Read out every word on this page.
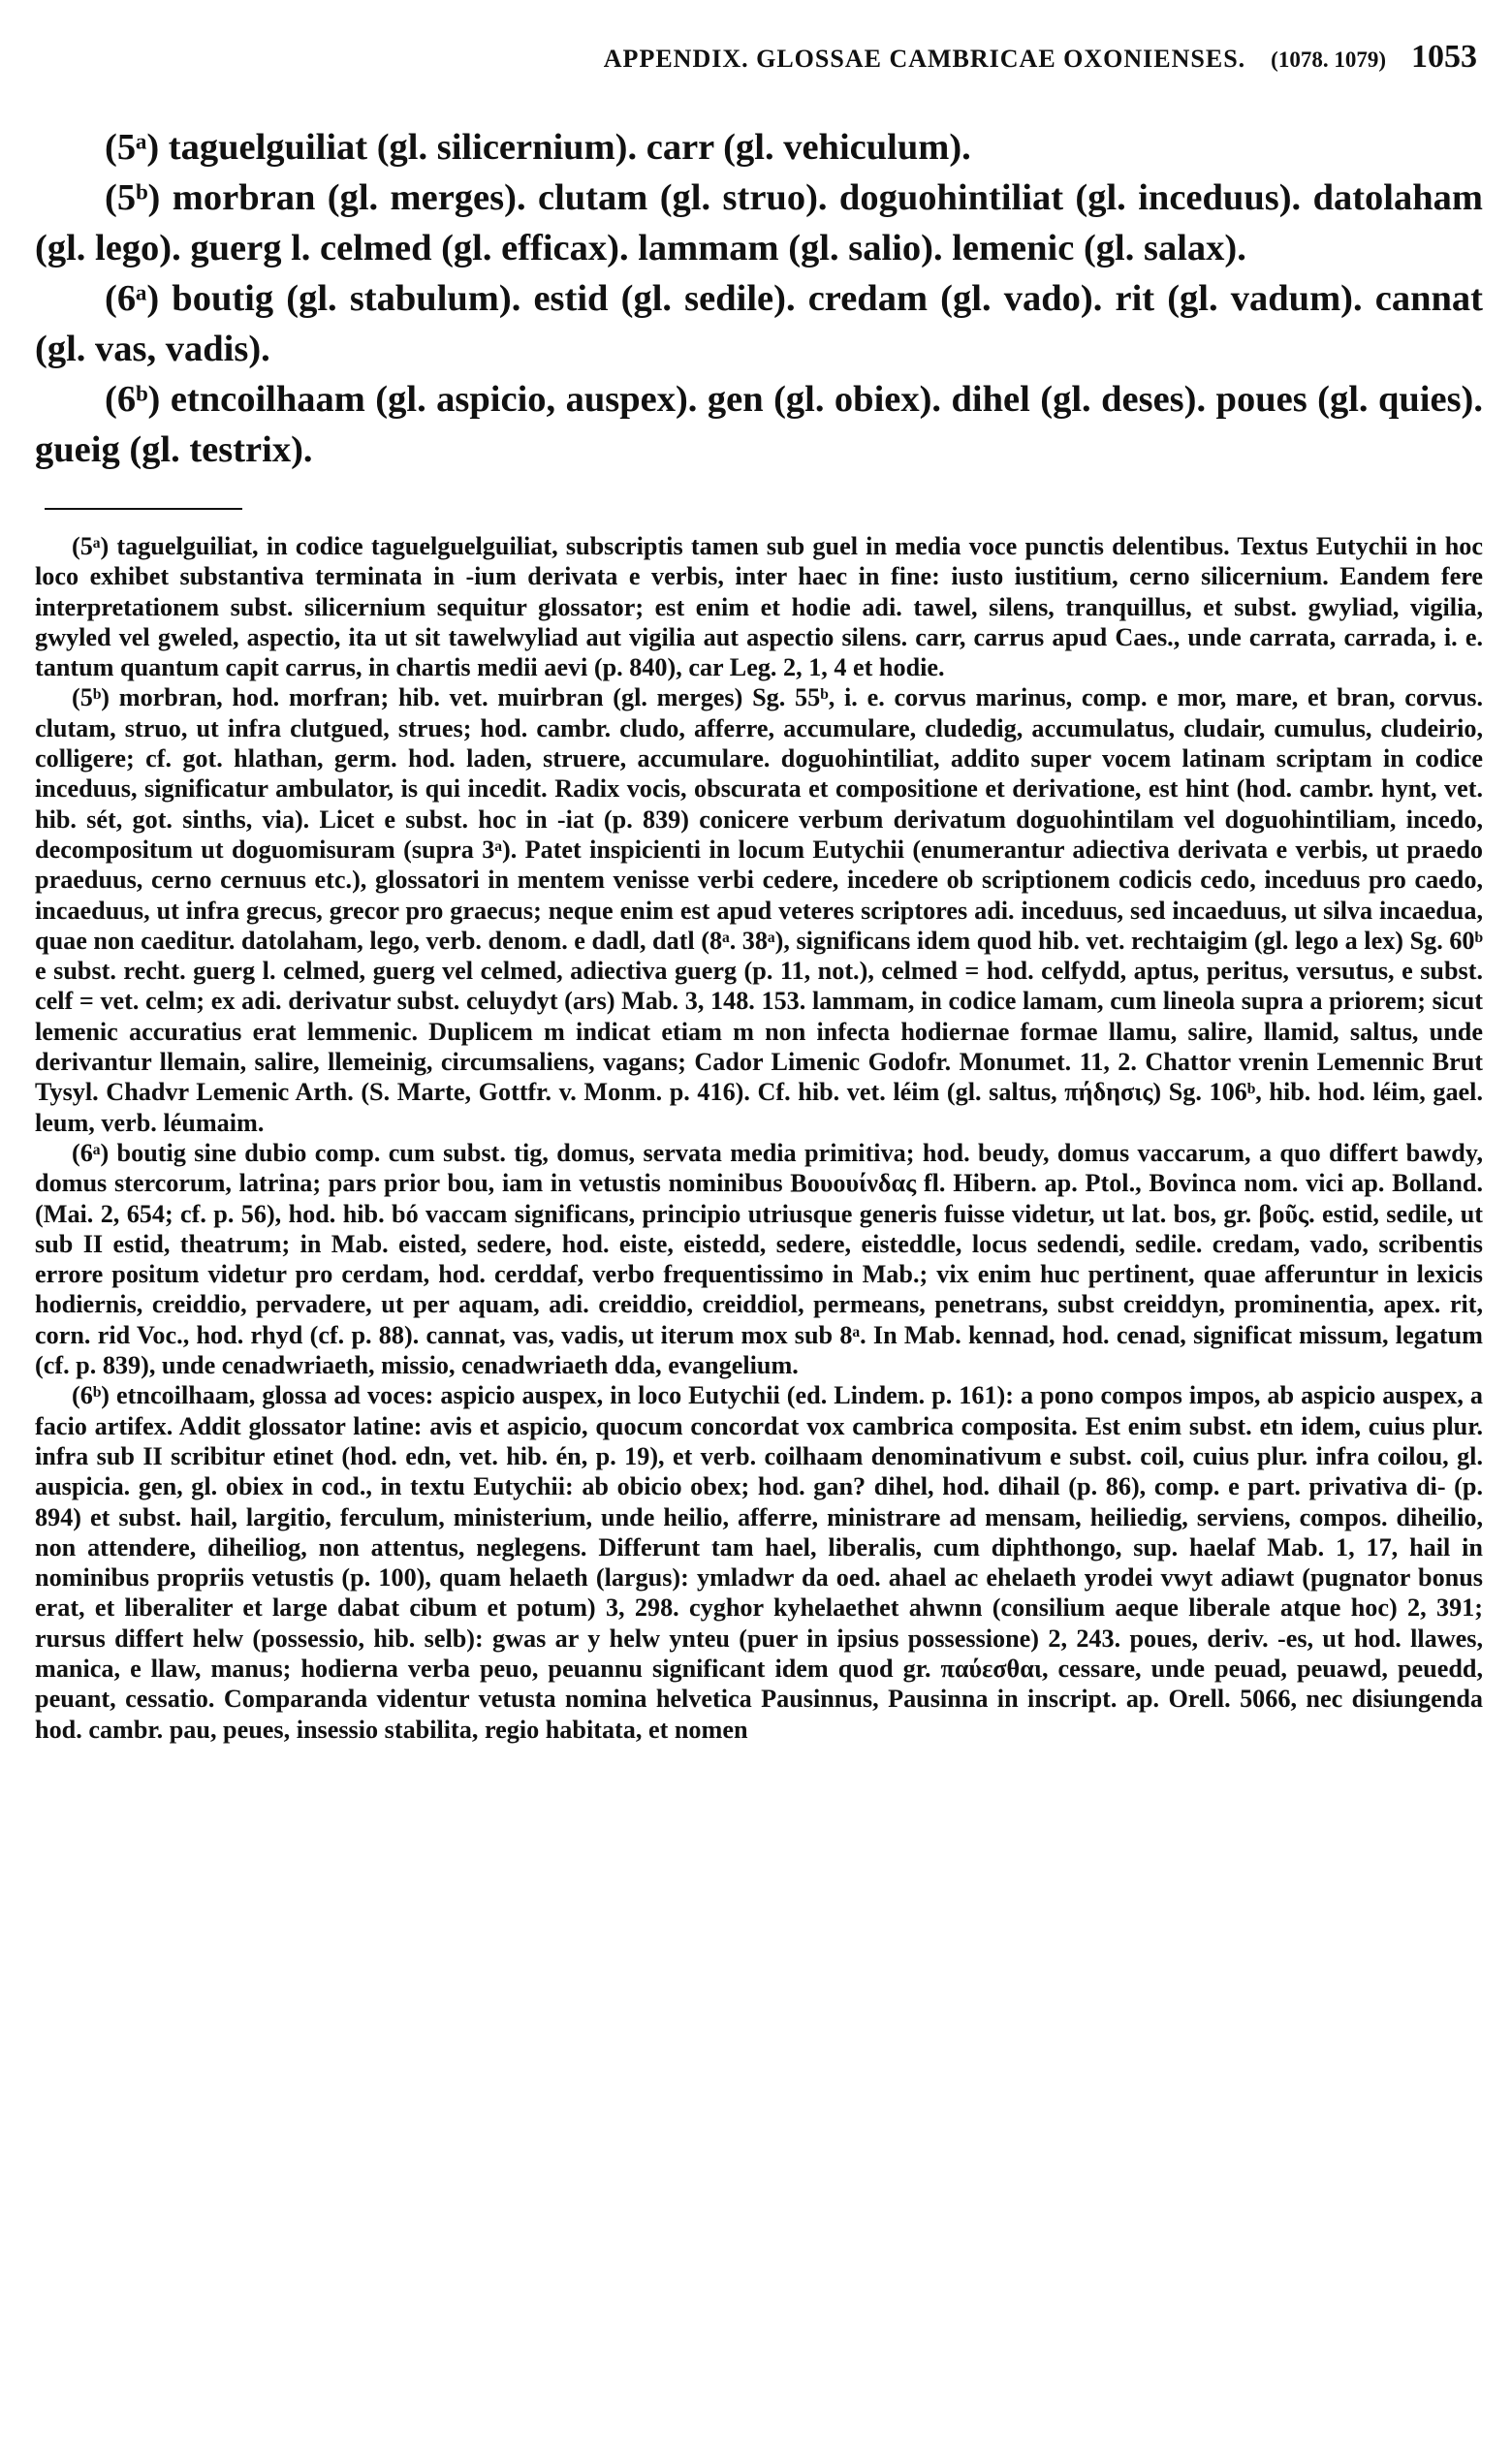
APPENDIX. GLOSSAE CAMBRICAE OXONIENSES. (1078. 1079) 1053

(5ᵃ) taguelguiliat (gl. silicernium). carr (gl. vehiculum).

(5ᵇ) morbran (gl. merges). clutam (gl. struo). doguohintiliat (gl. inceduus). datolaham (gl. lego). guerg l. celmed (gl. efficax). lammam (gl. salio). lemenic (gl. salax).

(6ᵃ) boutig (gl. stabulum). estid (gl. sedile). credam (gl. vado). rit (gl. vadum). cannat (gl. vas, vadis).

(6ᵇ) etncoilhaam (gl. aspicio, auspex). gen (gl. obiex). dihel (gl. deses). poues (gl. quies). gueig (gl. testrix).

(5ᵃ) taguelguiliat, in codice taguelguelguiliat, subscriptis tamen sub guel in media voce punctis delentibus. Textus Eutychii in hoc loco exhibet substantiva terminata in -ium derivata e verbis, inter haec in fine: iusto iustitium, cerno silicernium. Eandem fere interpretationem subst. silicernium sequitur glossator; est enim et hodie adi. tawel, silens, tranquillus, et subst. gwyliad, vigilia, gwyled vel gweled, aspectio, ita ut sit tawelwyliad aut vigilia aut aspectio silens. carr, carrus apud Caes., unde carrata, carrada, i. e. tantum quantum capit carrus, in chartis medii aevi (p. 840), car Leg. 2, 1, 4 et hodie.

(5ᵇ) morbran, hod. morfran; hib. vet. muirbran (gl. merges) Sg. 55ᵇ, i. e. corvus marinus, comp. e mor, mare, et bran, corvus. clutam, struo, ut infra clutgued, strues; hod. cambr. cludo, afferre, accumulare, cludedig, accumulatus, cludair, cumulus, cludeirio, colligere; cf. got. hlathan, germ. hod. laden, struere, accumulare. doguohintiliat, addito super vocem latinam scriptam in codice inceduus, significatur ambulator, is qui incedit. Radix vocis, obscurata et compositione et derivatione, est hint (hod. cambr. hynt, vet. hib. sét, got. sinths, via). Licet e subst. hoc in -iat (p. 839) conicere verbum derivatum doguohintilam vel doguohintiliam, incedo, decompositum ut doguomisuram (supra 3ᵃ). Patet inspicienti in locum Eutychii (enumerantur adiectiva derivata e verbis, ut praedo praeduus, cerno cernuus etc.), glossatori in mentem venisse verbi cedere, incedere ob scriptionem codicis cedo, inceduus pro caedo, incaeduus, ut infra grecus, grecor pro graecus; neque enim est apud veteres scriptores adi. inceduus, sed incaeduus, ut silva incaedua, quae non caeditur. datolaham, lego, verb. denom. e dadl, datl (8ᵃ. 38ᵃ), significans idem quod hib. vet. rechtaigim (gl. lego a lex) Sg. 60ᵇ e subst. recht. guerg l. celmed, guerg vel celmed, adiectiva guerg (p. 11, not.), celmed = hod. celfydd, aptus, peritus, versutus, e subst. celf = vet. celm; ex adi. derivatur subst. celuydyt (ars) Mab. 3, 148. 153. lammam, in codice lamam, cum lineola supra a priorem; sicut lemenic accuratius erat lemmenic. Duplicem m indicat etiam m non infecta hodiernae formae llamu, salire, llamid, saltus, unde derivantur llemain, salire, llemeinig, circumsaliens, vagans; Cador Limenic Godofr. Monumet. 11, 2. Chattor vrenin Lemennic Brut Tysyl. Chadvr Lemenic Arth. (S. Marte, Gottfr. v. Monm. p. 416). Cf. hib. vet. léim (gl. saltus, πήδησις) Sg. 106ᵇ, hib. hod. léim, gael. leum, verb. léumaim.

(6ᵃ) boutig sine dubio comp. cum subst. tig, domus, servata media primitiva; hod. beudy, domus vaccarum, a quo differt bawdy, domus stercorum, latrina; pars prior bou, iam in vetustis nominibus Βουουίνδας fl. Hibern. ap. Ptol., Bovinca nom. vici ap. Bolland. (Mai. 2, 654; cf. p. 56), hod. hib. bó vaccam significans, principio utriusque generis fuisse videtur, ut lat. bos, gr. βοῦς. estid, sedile, ut sub II estid, theatrum; in Mab. eisted, sedere, hod. eiste, eistedd, sedere, eisteddle, locus sedendi, sedile. credam, vado, scribentis errore positum videtur pro cerdam, hod. cerddaf, verbo frequentissimo in Mab.; vix enim huc pertinent, quae afferuntur in lexicis hodiernis, creiddio, pervadere, ut per aquam, adi. creiddio, creiddiol, permeans, penetrans, subst creiddyn, prominentia, apex. rit, corn. rid Voc., hod. rhyd (cf. p. 88). cannat, vas, vadis, ut iterum mox sub 8ᵃ. In Mab. kennad, hod. cenad, significat missum, legatum (cf. p. 839), unde cenadwriaeth, missio, cenadwriaeth dda, evangelium.

(6ᵇ) etncoilhaam, glossa ad voces: aspicio auspex, in loco Eutychii (ed. Lindem. p. 161): a pono compos impos, ab aspicio auspex, a facio artifex. Addit glossator latine: avis et aspicio, quocum concordat vox cambrica composita. Est enim subst. etn idem, cuius plur. infra sub II scribitur etinet (hod. edn, vet. hib. én, p. 19), et verb. coilhaam denominativum e subst. coil, cuius plur. infra coilou, gl. auspicia. gen, gl. obiex in cod., in textu Eutychii: ab obicio obex; hod. gan? dihel, hod. dihail (p. 86), comp. e part. privativa di- (p. 894) et subst. hail, largitio, ferculum, ministerium, unde heilio, afferre, ministrare ad mensam, heiliedig, serviens, compos. diheilio, non attendere, diheiliog, non attentus, neglegens. Differunt tam hael, liberalis, cum diphthongo, sup. haelaf Mab. 1, 17, hail in nominibus propriis vetustis (p. 100), quam helaeth (largus): ymladwr da oed. ahael ac ehelaeth yrodei vwyt adiawt (pugnator bonus erat, et liberaliter et large dabat cibum et potum) 3, 298. cyghor kyhelaethet ahwnn (consilium aeque liberale atque hoc) 2, 391; rursus differt helw (possessio, hib. selb): gwas ar y helw ynteu (puer in ipsius possessione) 2, 243. poues, deriv. -es, ut hod. llawes, manica, e llaw, manus; hodierna verba peuo, peuannu significant idem quod gr. παύεσθαι, cessare, unde peuad, peuawd, peuedd, peuant, cessatio. Comparanda videntur vetusta nomina helvetica Pausinnus, Pausinna in inscript. ap. Orell. 5066, nec disiungenda hod. cambr. pau, peues, insessio stabilita, regio habitata, et nomen
